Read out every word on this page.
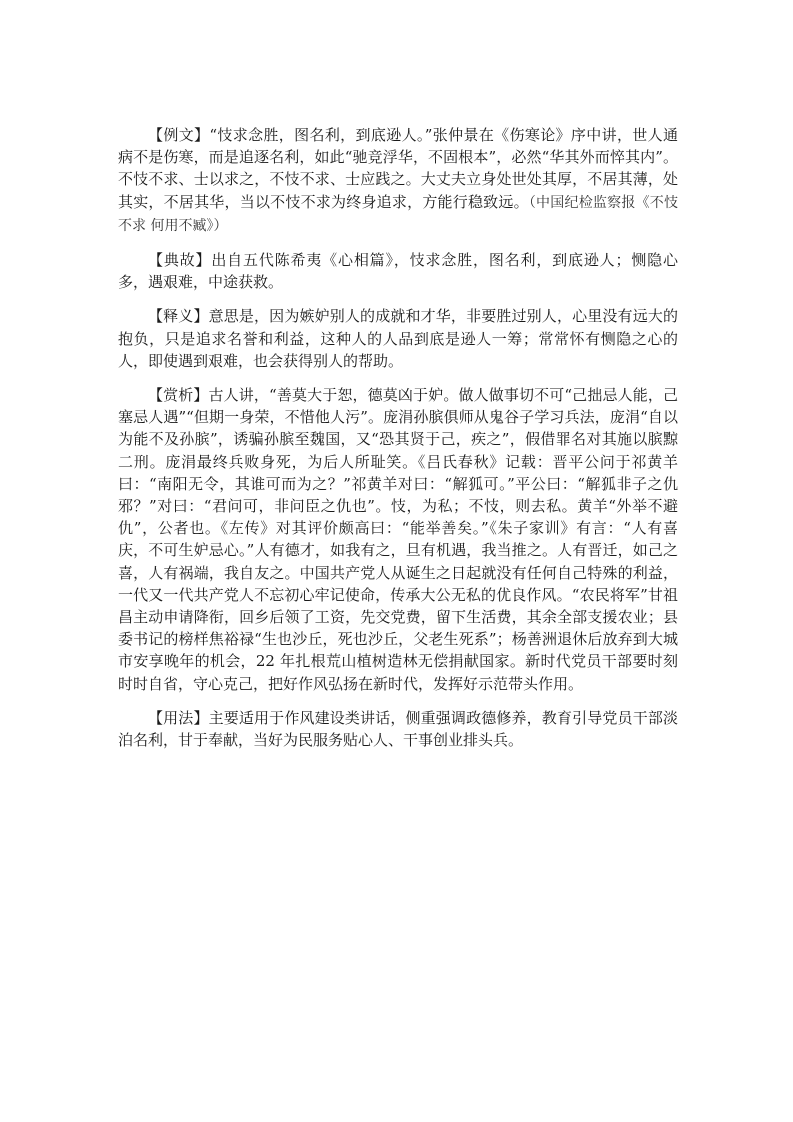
【例文】“忮求念胜，图名利，到底逊人。”张仲景在《伤寒论》序中讲，世人通病不是伤寒，而是追逐名利，如此“驰竞浮华，不固根本”，必然“华其外而悴其内”。不忮不求、士以求之，不忮不求、士应践之。大丈夫立身处世处其厚，不居其薄，处其实，不居其华，当以不忮不求为终身追求，方能行稳致远。（中国纪检监察报《不忮不求 何用不臧》）

【典故】出自五代陈希夷《心相篇》，忮求念胜，图名利，到底逊人；恻隐心多，遇艰难，中途获救。

【释义】意思是，因为嫉妒别人的成就和才华，非要胜过别人，心里没有远大的抱负，只是追求名誉和利益，这种人的人品到底是逊人一筹；常常怀有恻隐之心的人，即使遇到艰难，也会获得别人的帮助。

【赏析】古人讲，“善莫大于恕，德莫凶于妒。做人做事切不可“己拙忌人能，己塞忌人遇”“但期一身荣，不惜他人污”。庞涓孙膑俱师从鬼谷子学习兵法，庞涓“自以为能不及孙膑”，诱骗孙膑至魏国，又“恐其贤于己，疾之”，假借罪名对其施以膑黥二刑。庞涓最终兵败身死，为后人所耻笑。《吕氏春秋》记载：晋平公问于祁黄羊曰：“南阳无令，其谁可而为之？”祁黄羊对曰：“解狐可。”平公曰：“解狐非子之仇邪？”对曰：“君问可，非问臣之仇也”。忮，为私；不忮，则去私。黄羊“外举不避仇”，公者也。《左传》对其评价颇高曰：“能举善矣。”《朱子家训》有言：“人有喜庆，不可生妒忌心。”人有德才，如我有之，旦有机遇，我当推之。人有晋迁，如己之喜，人有祸端，我自友之。中国共产党人从诞生之日起就没有任何自己特殊的利益，一代又一代共产党人不忘初心牢记使命，传承大公无私的优良作风。“农民将军”甘祖昌主动申请降衔，回乡后领了工资，先交党费，留下生活费，其余全部支援农业；县委书记的榜样焦裕禄“生也沙丘，死也沙丘，父老生死系”；杨善洲退休后放弃到大城市安享晚年的机会，22 年扎根荒山植树造林无偿捐献国家。新时代党员干部要时刻时时自省，守心克己，把好作风弘扬在新时代，发挥好示范带头作用。

【用法】主要适用于作风建设类讲话，侧重强调政德修养，教育引导党员干部淡泊名利，甘于奉献，当好为民服务贴心人、干事创业排头兵。
